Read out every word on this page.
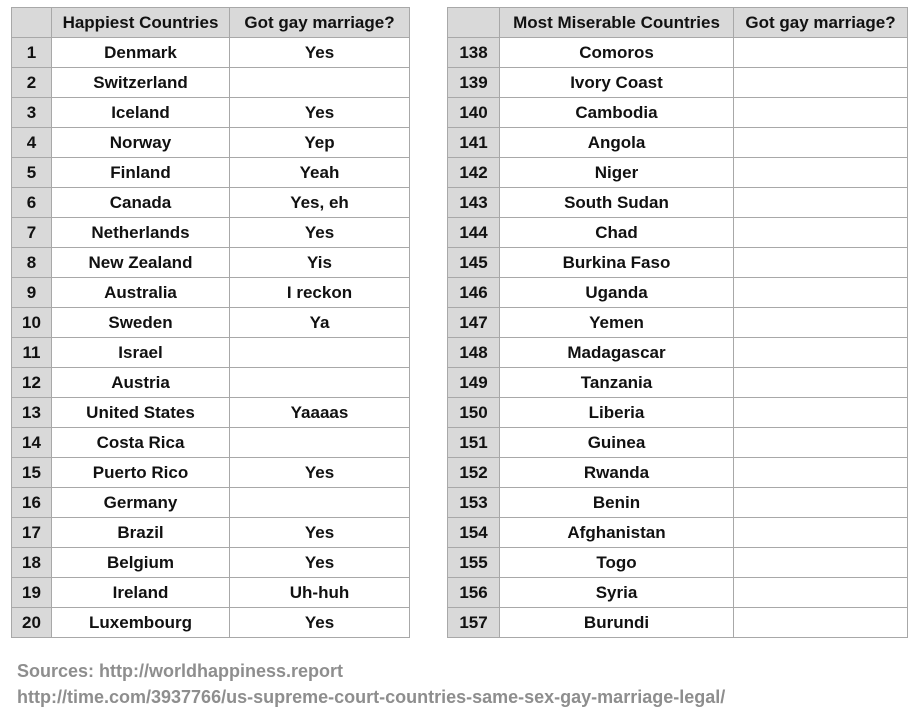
	Happiest Countries	Got gay marriage?
1	Denmark	Yes
2	Switzerland	
3	Iceland	Yes
4	Norway	Yep
5	Finland	Yeah
6	Canada	Yes, eh
7	Netherlands	Yes
8	New Zealand	Yis
9	Australia	I reckon
10	Sweden	Ya
11	Israel	
12	Austria	
13	United States	Yaaaas
14	Costa Rica	
15	Puerto Rico	Yes
16	Germany	
17	Brazil	Yes
18	Belgium	Yes
19	Ireland	Uh-huh
20	Luxembourg	Yes
	Most Miserable Countries	Got gay marriage?
138	Comoros	
139	Ivory Coast	
140	Cambodia	
141	Angola	
142	Niger	
143	South Sudan	
144	Chad	
145	Burkina Faso	
146	Uganda	
147	Yemen	
148	Madagascar	
149	Tanzania	
150	Liberia	
151	Guinea	
152	Rwanda	
153	Benin	
154	Afghanistan	
155	Togo	
156	Syria	
157	Burundi	
Sources: http://worldhappiness.report
http://time.com/3937766/us-supreme-court-countries-same-sex-gay-marriage-legal/
